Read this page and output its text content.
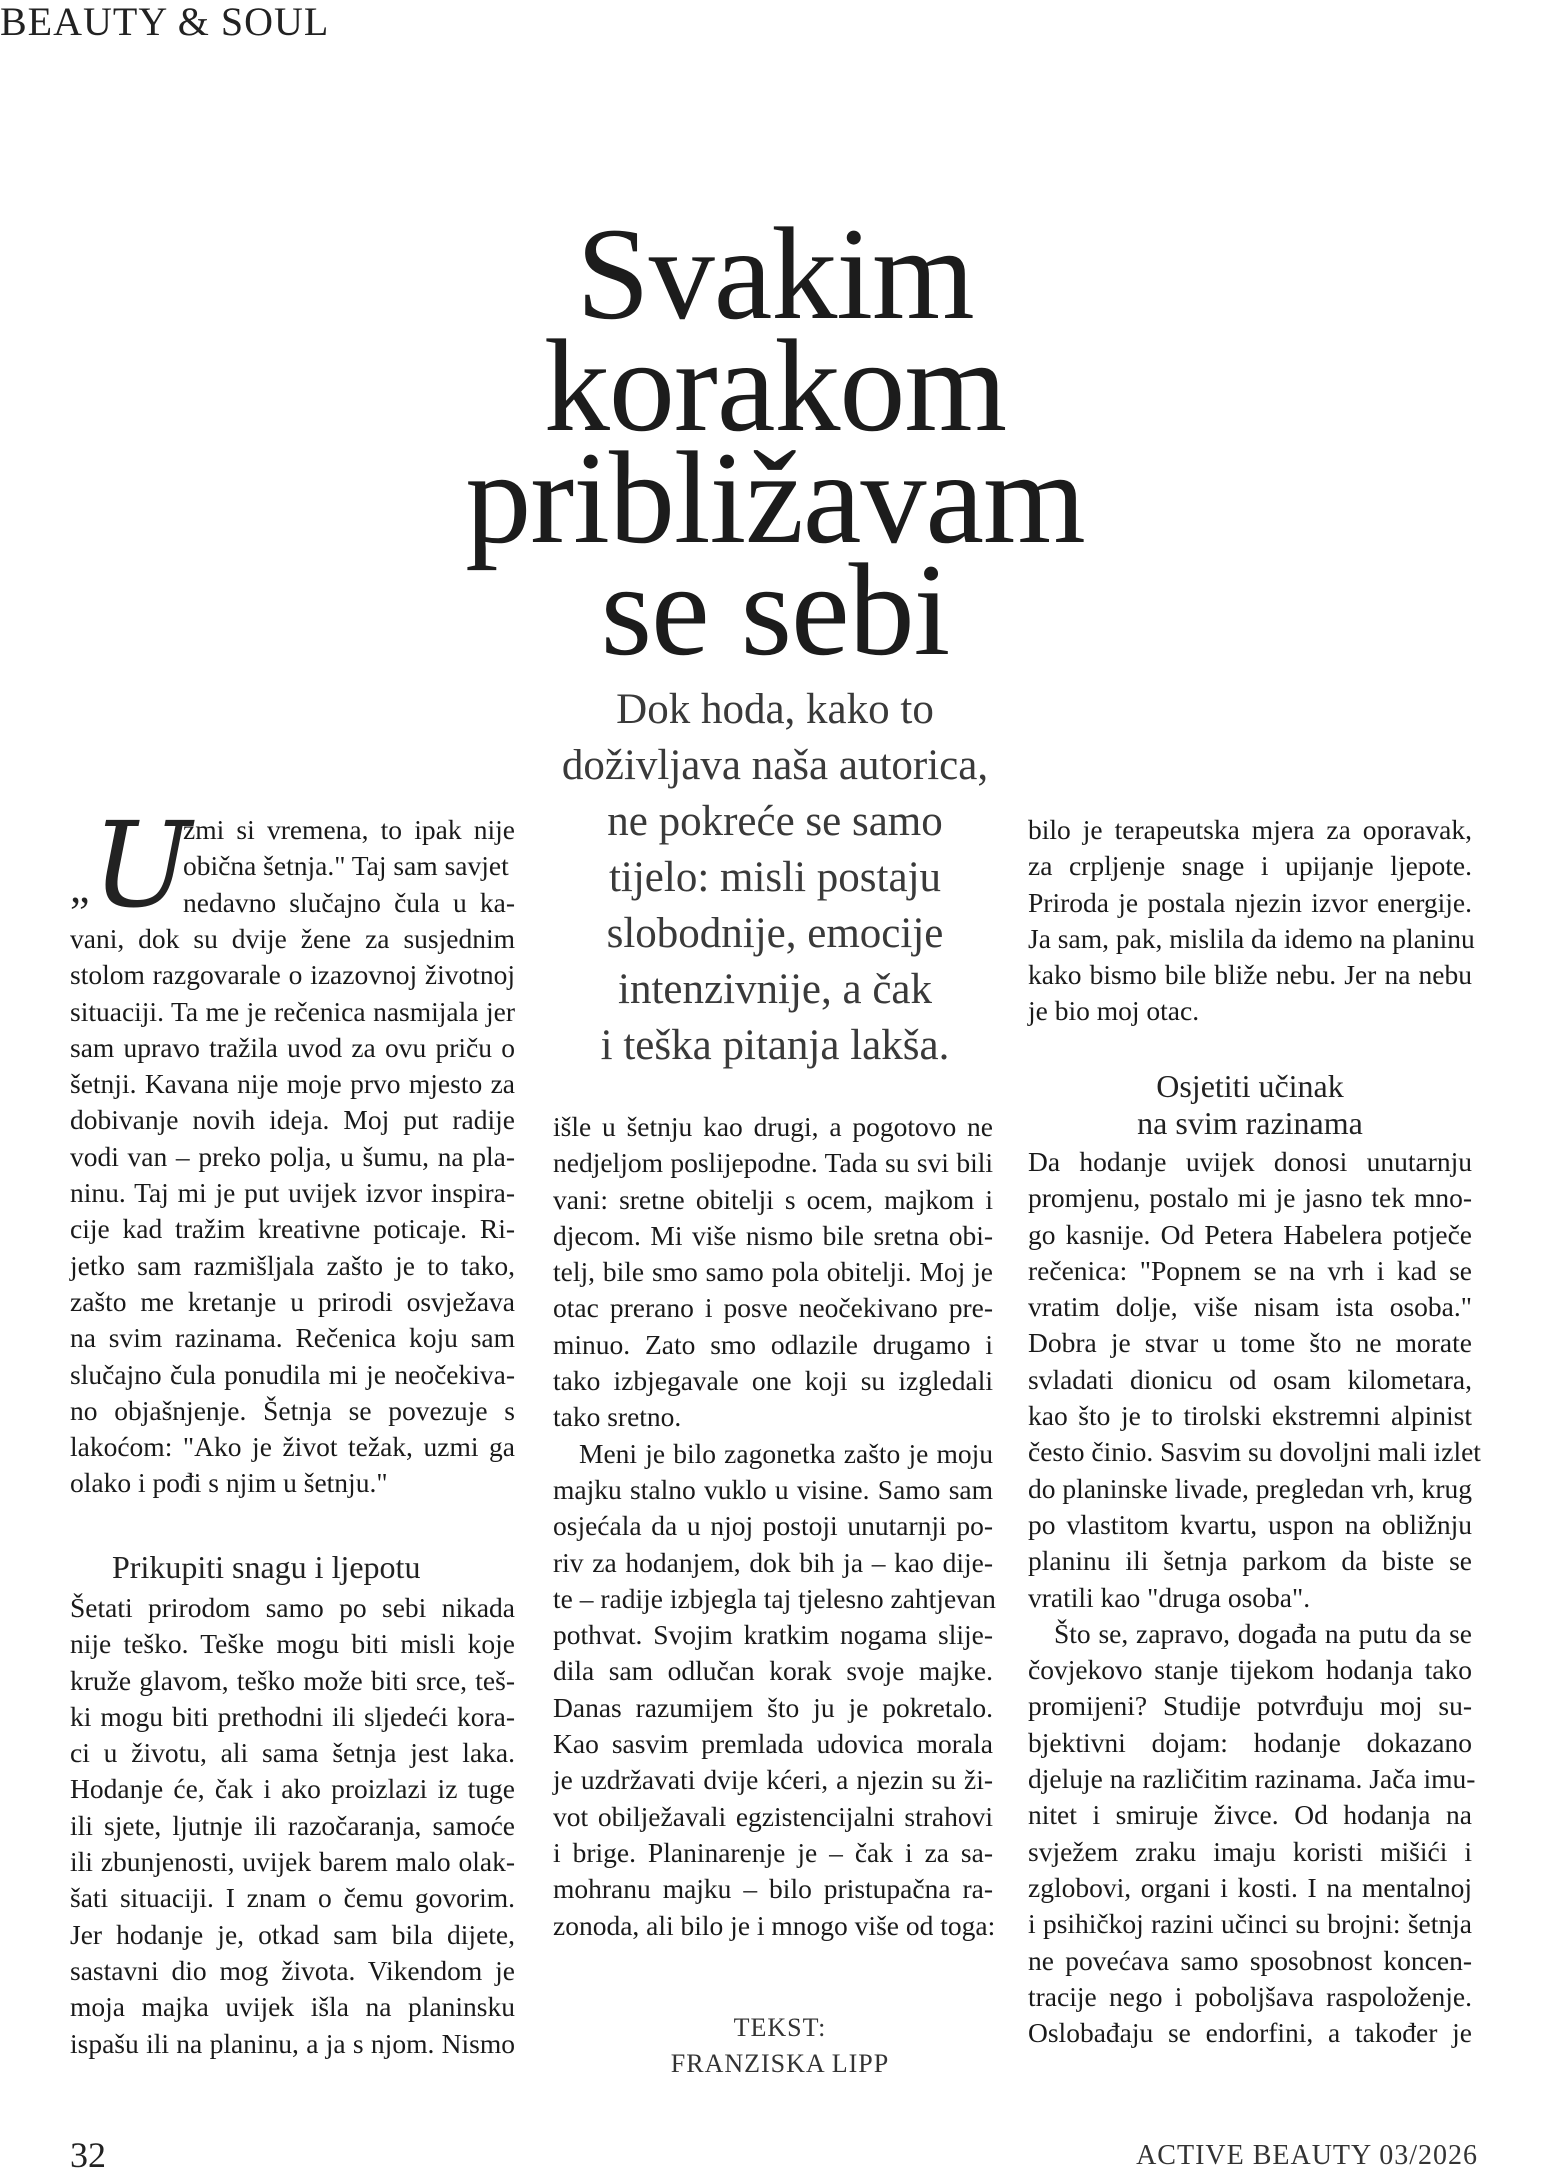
BEAUTY & SOUL
Svakim
korakom
približavam
se sebi
Dok hoda, kako to
doživljava naša autorica,
ne pokreće se samo
tijelo: misli postaju
slobodnije, emocije
intenzivnije, a čak
i teška pitanja lakša.
„ U
zmi si vremena, to ipak nije
obična šetnja." Taj sam savjet
nedavno slučajno čula u ka-
vani, dok su dvije žene za susjednim
stolom razgovarale o izazovnoj životnoj
situaciji. Ta me je rečenica nasmijala jer
sam upravo tražila uvod za ovu priču o
šetnji. Kavana nije moje prvo mjesto za
dobivanje novih ideja. Moj put radije
vodi van – preko polja, u šumu, na pla-
ninu. Taj mi je put uvijek izvor inspira-
cije kad tražim kreativne poticaje. Ri-
jetko sam razmišljala zašto je to tako,
zašto me kretanje u prirodi osvježava
na svim razinama. Rečenica koju sam
slučajno čula ponudila mi je neočekiva-
no objašnjenje. Šetnja se povezuje s
lakoćom: "Ako je život težak, uzmi ga
olako i pođi s njim u šetnju."
Prikupiti snagu i ljepotu
Šetati prirodom samo po sebi nikada
nije teško. Teške mogu biti misli koje
kruže glavom, teško može biti srce, teš-
ki mogu biti prethodni ili sljedeći kora-
ci u životu, ali sama šetnja jest laka.
Hodanje će, čak i ako proizlazi iz tuge
ili sjete, ljutnje ili razočaranja, samoće
ili zbunjenosti, uvijek barem malo olak-
šati situaciji. I znam o čemu govorim.
Jer hodanje je, otkad sam bila dijete,
sastavni dio mog života. Vikendom je
moja majka uvijek išla na planinsku
ispašu ili na planinu, a ja s njom. Nismo
išle u šetnju kao drugi, a pogotovo ne
nedjeljom poslijepodne. Tada su svi bili
vani: sretne obitelji s ocem, majkom i
djecom. Mi više nismo bile sretna obi-
telj, bile smo samo pola obitelji. Moj je
otac prerano i posve neočekivano pre-
minuo. Zato smo odlazile drugamo i
tako izbjegavale one koji su izgledali
tako sretno.
Meni je bilo zagonetka zašto je moju
majku stalno vuklo u visine. Samo sam
osjećala da u njoj postoji unutarnji po-
riv za hodanjem, dok bih ja – kao dije-
te – radije izbjegla taj tjelesno zahtjevan
pothvat. Svojim kratkim nogama slije-
dila sam odlučan korak svoje majke.
Danas razumijem što ju je pokretalo.
Kao sasvim premlada udovica morala
je uzdržavati dvije kćeri, a njezin su ži-
vot obilježavali egzistencijalni strahovi
i brige. Planinarenje je – čak i za sa-
mohranu majku – bilo pristupačna ra-
zonoda, ali bilo je i mnogo više od toga:
TEKST:
FRANZISKA LIPP
bilo je terapeutska mjera za oporavak,
za crpljenje snage i upijanje ljepote.
Priroda je postala njezin izvor energije.
Ja sam, pak, mislila da idemo na planinu
kako bismo bile bliže nebu. Jer na nebu
je bio moj otac.
Osjetiti učinak
na svim razinama
Da hodanje uvijek donosi unutarnju
promjenu, postalo mi je jasno tek mno-
go kasnije. Od Petera Habelera potječe
rečenica: "Popnem se na vrh i kad se
vratim dolje, više nisam ista osoba."
Dobra je stvar u tome što ne morate
svladati dionicu od osam kilometara,
kao što je to tirolski ekstremni alpinist
često činio. Sasvim su dovoljni mali izlet
do planinske livade, pregledan vrh, krug
po vlastitom kvartu, uspon na obližnju
planinu ili šetnja parkom da biste se
vratili kao "druga osoba".
Što se, zapravo, događa na putu da se
čovjekovo stanje tijekom hodanja tako
promijeni? Studije potvrđuju moj su-
bjektivni dojam: hodanje dokazano
djeluje na različitim razinama. Jača imu-
nitet i smiruje živce. Od hodanja na
svježem zraku imaju koristi mišići i
zglobovi, organi i kosti. I na mentalnoj
i psihičkoj razini učinci su brojni: šetnja
ne povećava samo sposobnost koncen-
tracije nego i poboljšava raspoloženje.
Oslobađaju se endorfini, a također je
32	ACTIVE BEAUTY 03/2026
